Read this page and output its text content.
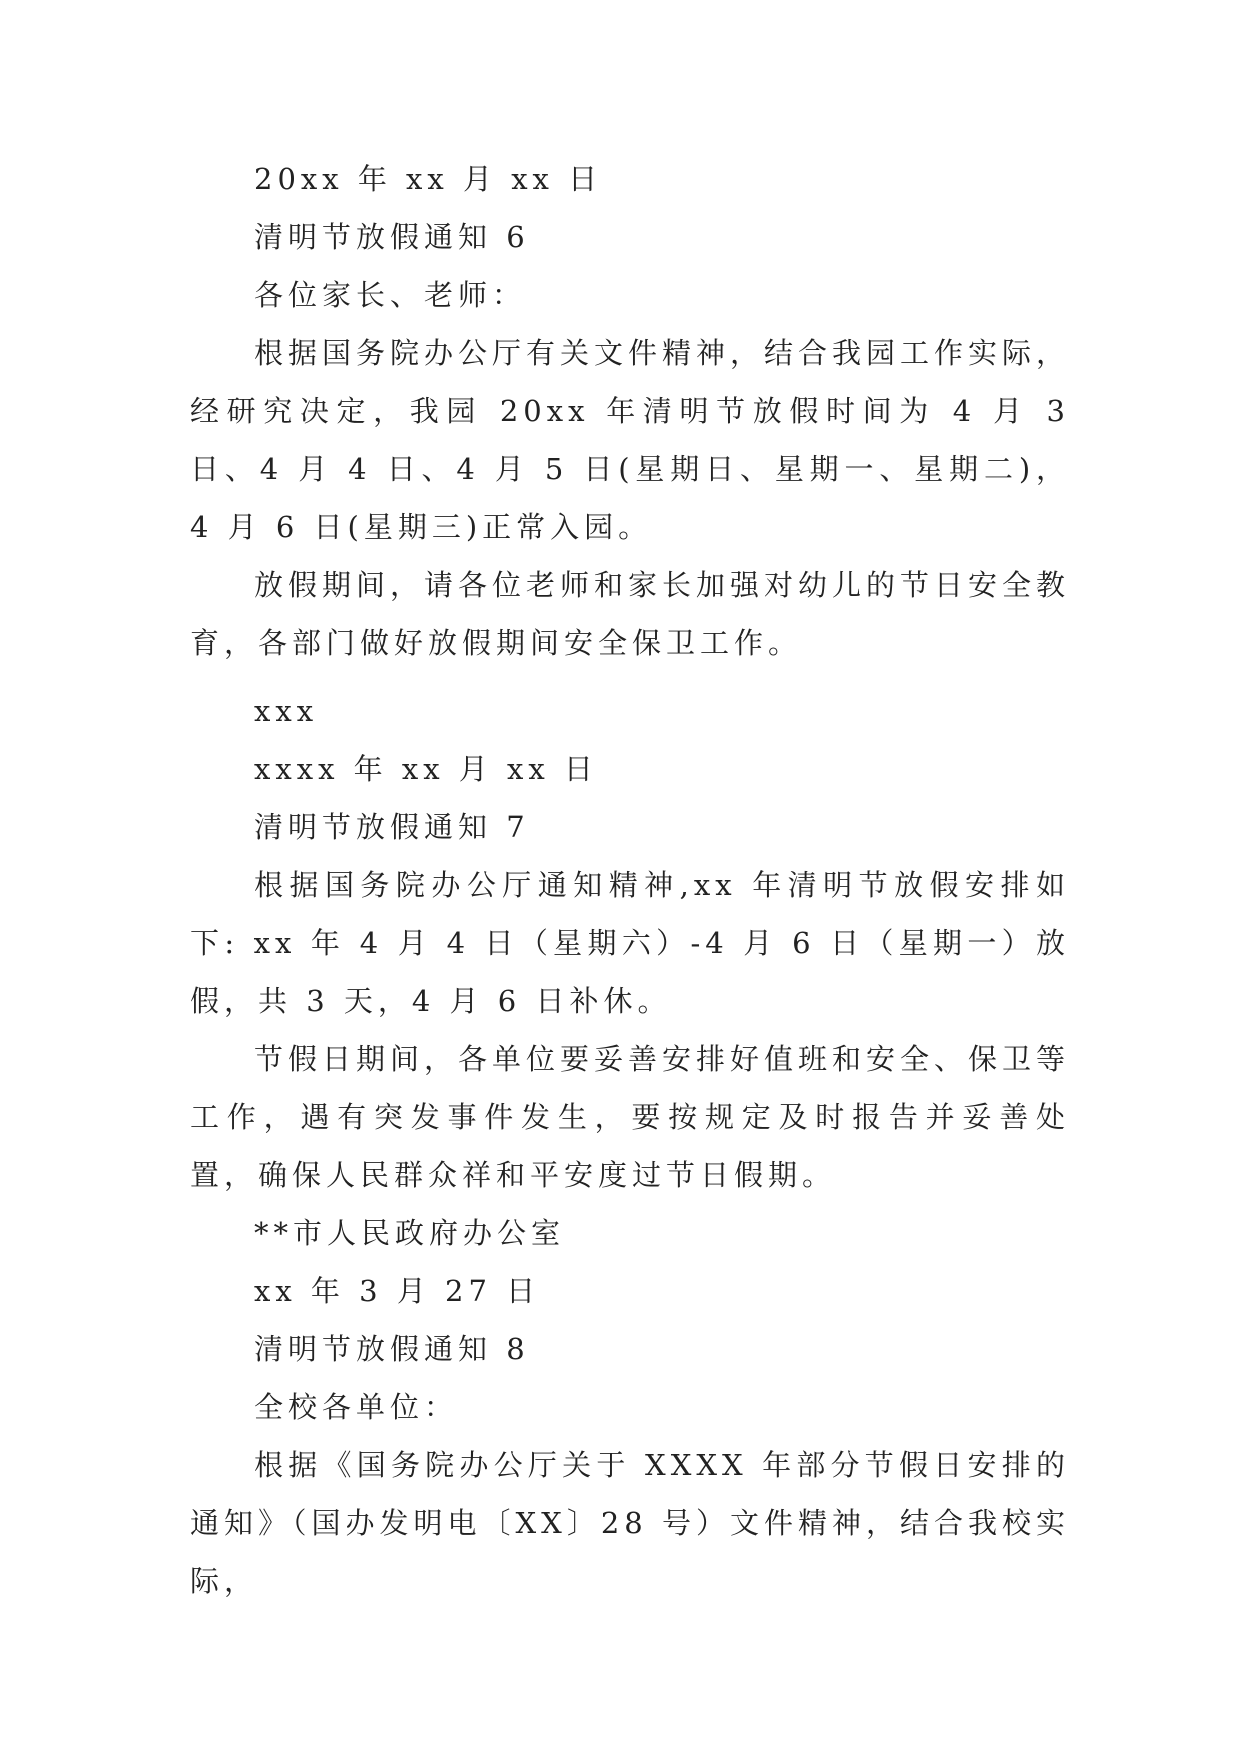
20xx 年 xx 月 xx 日

清明节放假通知 6

各位家长、老师：

根据国务院办公厅有关文件精神，结合我园工作实际，经研究决定，我园 20xx 年清明节放假时间为 4 月 3 日、4 月 4 日、4 月 5 日(星期日、星期一、星期二)，4 月 6 日(星期三)正常入园。

放假期间，请各位老师和家长加强对幼儿的节日安全教育，各部门做好放假期间安全保卫工作。

xxx

xxxx 年 xx 月 xx 日

清明节放假通知 7

根据国务院办公厅通知精神,xx 年清明节放假安排如下: xx 年 4 月 4 日（星期六）-4 月 6 日（星期一）放假，共 3 天，4 月 6 日补休。

节假日期间，各单位要妥善安排好值班和安全、保卫等工作，遇有突发事件发生，要按规定及时报告并妥善处置，确保人民群众祥和平安度过节日假期。

**市人民政府办公室

xx 年 3 月 27 日

清明节放假通知 8

全校各单位：

根据《国务院办公厅关于 XXXX 年部分节假日安排的通知》（国办发明电〔XX〕28 号）文件精神，结合我校实际，
